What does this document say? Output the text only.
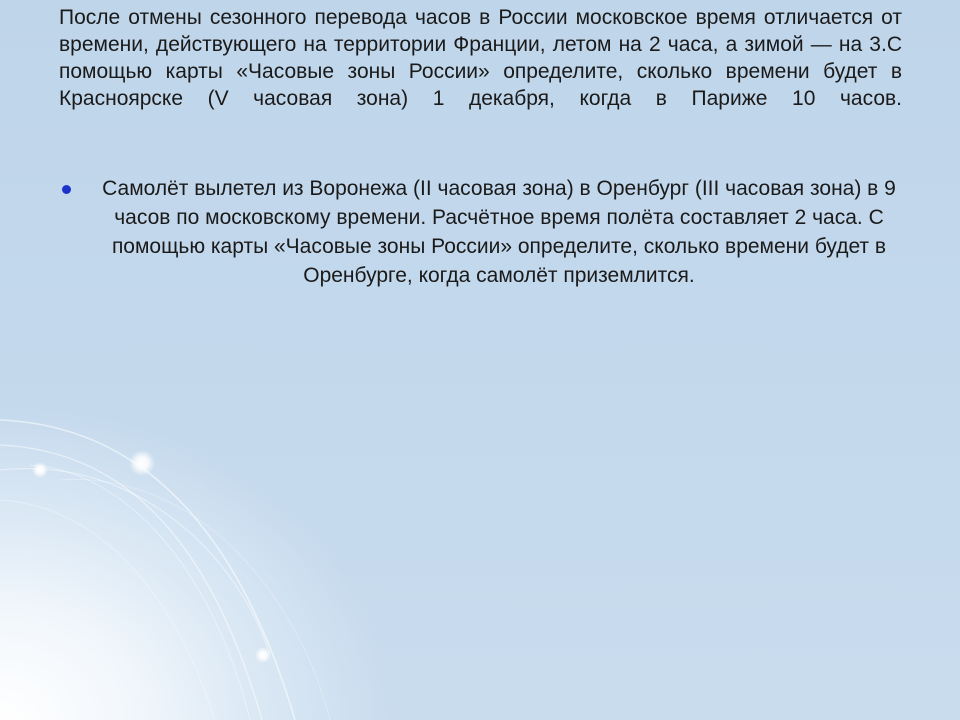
После отмены сезонного перевода часов в России московское время отличается от времени, действующего на территории Франции, летом на 2 часа, а зимой — на 3.С помощью карты «Часовые зоны России» определите, сколько времени будет в Красноярске (V часовая зона) 1 декабря, когда в Париже 10 часов.

Самолёт вылетел из Воронежа (II часовая зона) в Оренбург (III часовая зона) в 9 часов по московскому времени. Расчётное время полёта составляет 2 часа. С помощью карты «Часовые зоны России» определите, сколько времени будет в Оренбурге, когда самолёт приземлится.
